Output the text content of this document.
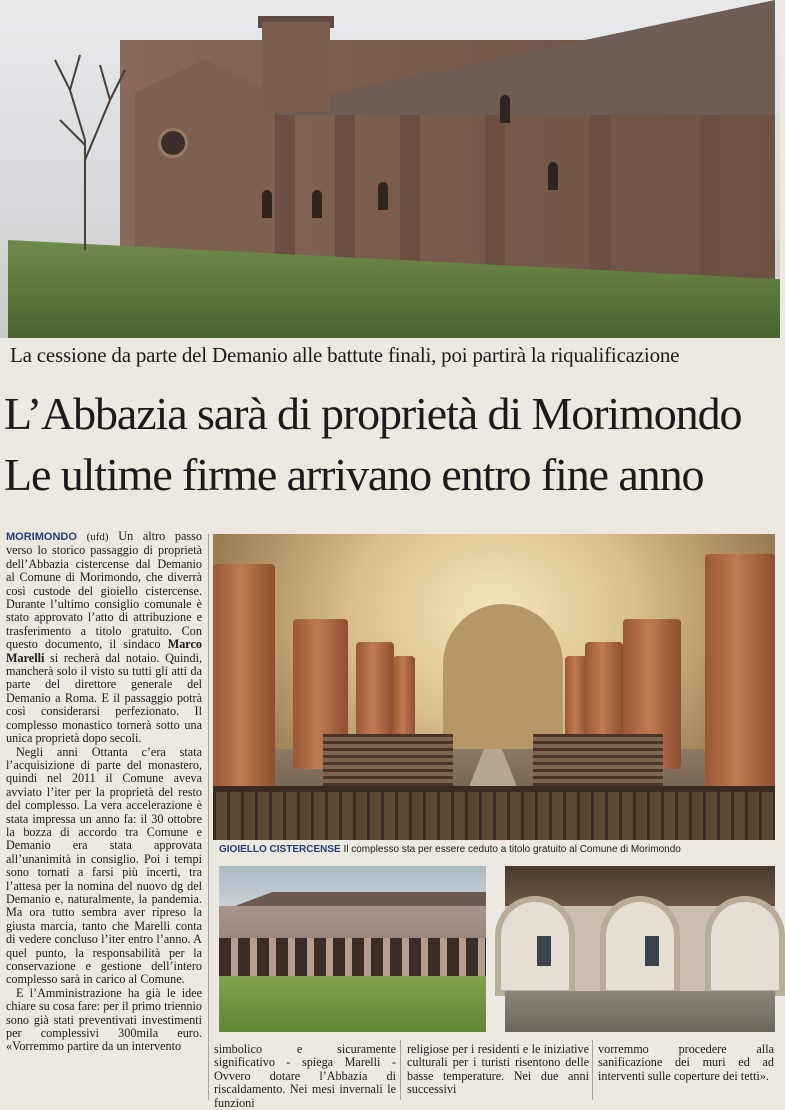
La cessione da parte del Demanio alle battute finali, poi partirà la riqualificazione
L’Abbazia sarà di proprietà di Morimondo
Le ultime firme arrivano entro fine anno

MORIMONDO (ufd) Un altro passo verso lo storico passaggio di proprietà dell’Abbazia cistercense dal Demanio al Comune di Morimondo, che diverrà così custode del gioiello cistercense. Durante l’ultimo consiglio comunale è stato approvato l’atto di attribuzione e trasferimento a titolo gratuito. Con questo documento, il sindaco Marco Marelli si recherà dal notaio. Quindi, mancherà solo il visto su tutti gli atti da parte del direttore generale del Demanio a Roma. E il passaggio potrà così considerarsi perfezionato. Il complesso monastico tornerà sotto una unica proprietà dopo secoli.

Negli anni Ottanta c’era stata l’acquisizione di parte del monastero, quindi nel 2011 il Comune aveva avviato l’iter per la proprietà del resto del complesso. La vera accelerazione è stata impressa un anno fa: il 30 ottobre la bozza di accordo tra Comune e Demanio era stata approvata all’unanimità in consiglio. Poi i tempi sono tornati a farsi più incerti, tra l’attesa per la nomina del nuovo dg del Demanio e, naturalmente, la pandemia. Ma ora tutto sembra aver ripreso la giusta marcia, tanto che Marelli conta di vedere concluso l’iter entro l’anno. A quel punto, la responsabilità per la conservazione e gestione dell’intero complesso sarà in carico al Comune.

E l’Amministrazione ha già le idee chiare su cosa fare: per il primo triennio sono già stati preventivati investimenti per complessivi 300mila euro. «Vorremmo partire da un intervento

GIOIELLO CISTERCENSE Il complesso sta per essere ceduto a titolo gratuito al Comune di Morimondo

simbolico e sicuramente significativo - spiega Marelli - Ovvero dotare l’Abbazia di riscaldamento. Nei mesi invernali le funzioni

religiose per i residenti e le iniziative culturali per i turisti risentono delle basse temperature. Nei due anni successivi

vorremmo procedere alla sanificazione dei muri ed ad interventi sulle coperture dei tetti».
